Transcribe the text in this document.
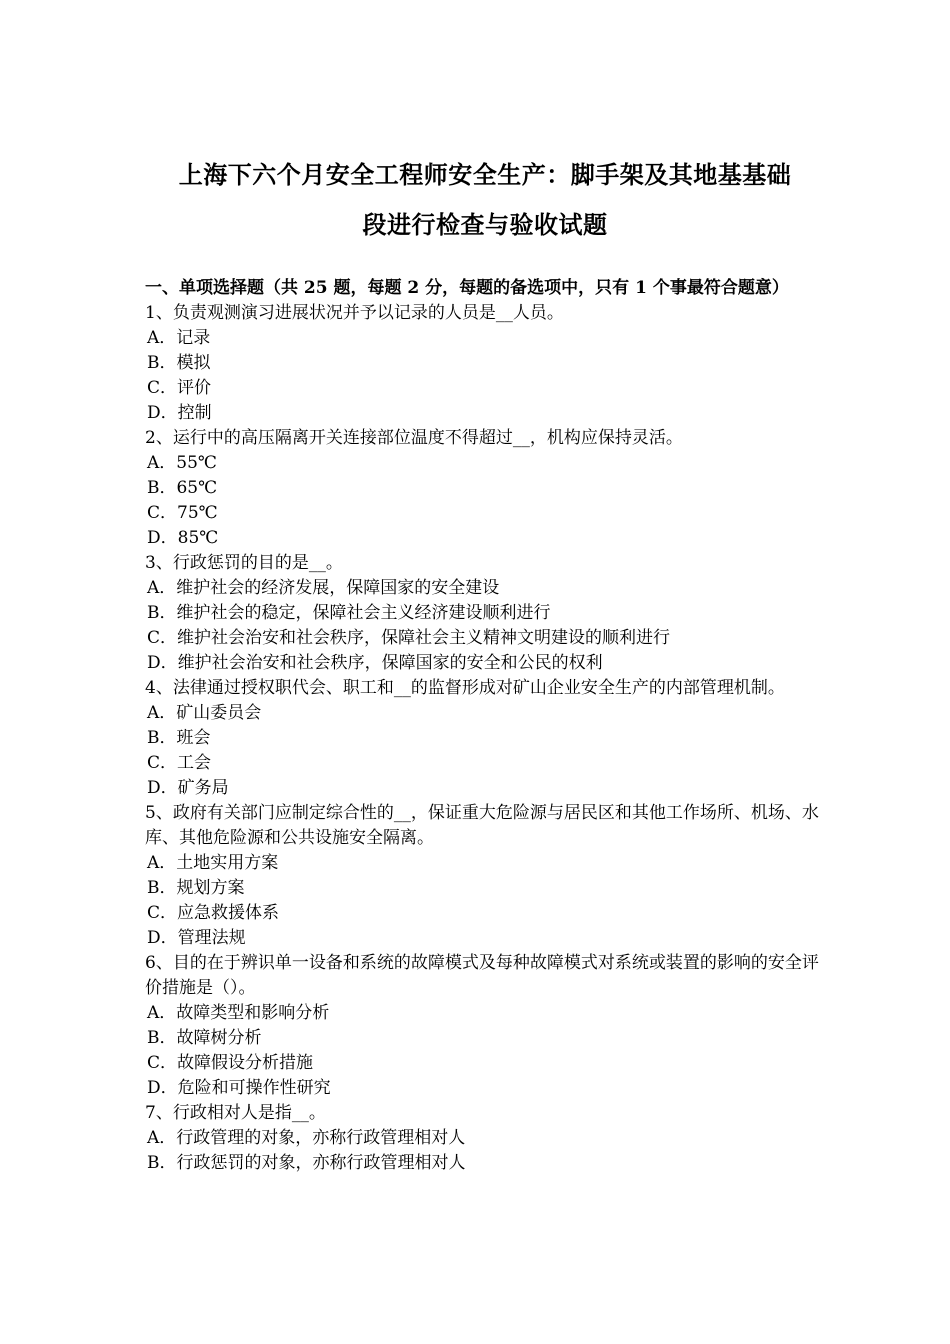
上海下六个月安全工程师安全生产：脚手架及其地基基础

段进行检查与验收试题

一、单项选择题（共 25 题，每题 2 分，每题的备选项中，只有 1 个事最符合题意）

1、负责观测演习进展状况并予以记录的人员是__人员。

A．记录

B．模拟

C．评价

D．控制

2、运行中的高压隔离开关连接部位温度不得超过__，机构应保持灵活。

A．55℃

B．65℃

C．75℃

D．85℃

3、行政惩罚的目的是__。

A．维护社会的经济发展，保障国家的安全建设

B．维护社会的稳定，保障社会主义经济建设顺利进行

C．维护社会治安和社会秩序，保障社会主义精神文明建设的顺利进行

D．维护社会治安和社会秩序，保障国家的安全和公民的权利

4、法律通过授权职代会、职工和__的监督形成对矿山企业安全生产的内部管理机制。

A．矿山委员会

B．班会

C．工会

D．矿务局

5、政府有关部门应制定综合性的__，保证重大危险源与居民区和其他工作场所、机场、水库、其他危险源和公共设施安全隔离。

A．土地实用方案

B．规划方案

C．应急救援体系

D．管理法规

6、目的在于辨识单一设备和系统的故障模式及每种故障模式对系统或装置的影响的安全评价措施是（）。

A．故障类型和影响分析

B．故障树分析

C．故障假设分析措施

D．危险和可操作性研究

7、行政相对人是指__。

A．行政管理的对象，亦称行政管理相对人

B．行政惩罚的对象，亦称行政管理相对人
